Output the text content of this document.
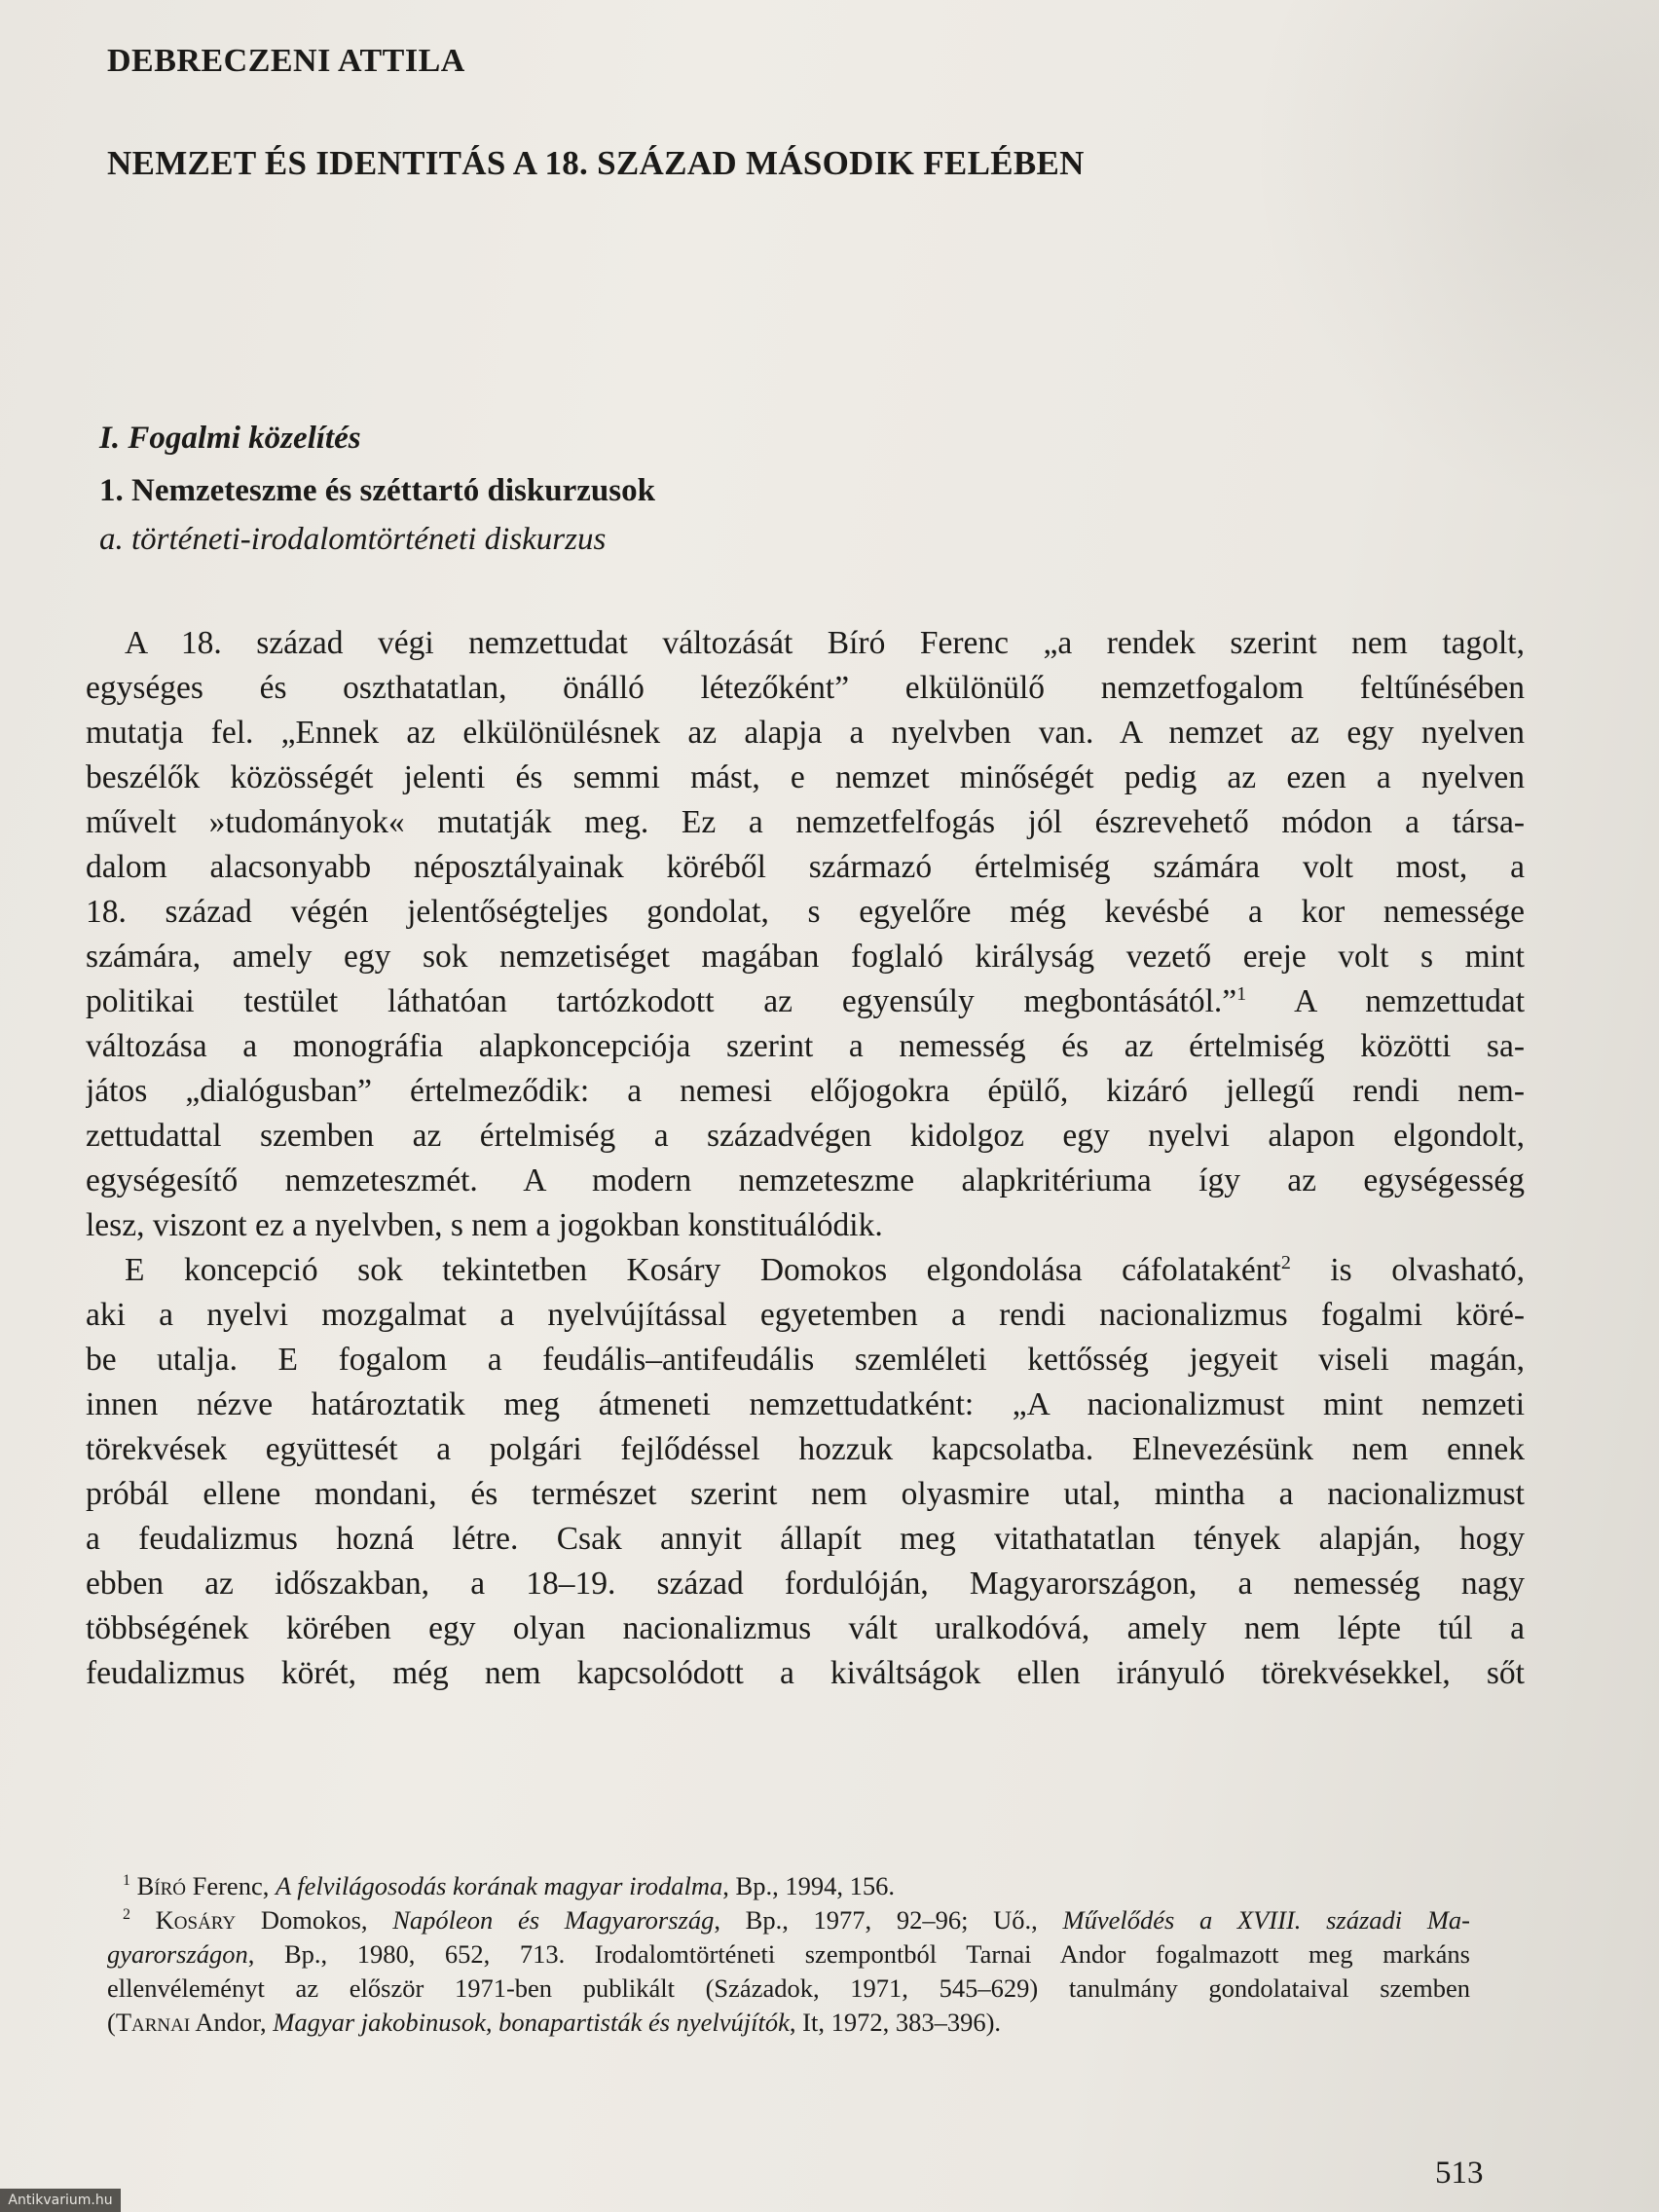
DEBRECZENI ATTILA
NEMZET ÉS IDENTITÁS A 18. SZÁZAD MÁSODIK FELÉBEN
I. Fogalmi közelítés
1. Nemzeteszme és széttartó diskurzusok
a. történeti-irodalomtörténeti diskurzus
A 18. század végi nemzettudat változását Bíró Ferenc „a rendek szerint nem tagolt,
egységes és oszthatatlan, önálló létezőként” elkülönülő nemzetfogalom feltűnésében
mutatja fel. „Ennek az elkülönülésnek az alapja a nyelvben van. A nemzet az egy nyelven
beszélők közösségét jelenti és semmi mást, e nemzet minőségét pedig az ezen a nyelven
művelt »tudományok« mutatják meg. Ez a nemzetfelfogás jól észrevehető módon a társa-
dalom alacsonyabb néposztályainak köréből származó értelmiség számára volt most, a
18. század végén jelentőségteljes gondolat, s egyelőre még kevésbé a kor nemessége
számára, amely egy sok nemzetiséget magában foglaló királyság vezető ereje volt s mint
politikai testület láthatóan tartózkodott az egyensúly megbontásától.”$^1$ A nemzettudat
változása a monográfia alapkoncepciója szerint a nemesség és az értelmiség közötti sa-
játos „dialógusban” értelmeződik: a nemesi előjogokra épülő, kizáró jellegű rendi nem-
zettudattal szemben az értelmiség a századvégen kidolgoz egy nyelvi alapon elgondolt,
egységesítő nemzeteszmét. A modern nemzeteszme alapkritériuma így az egységesség
lesz, viszont ez a nyelvben, s nem a jogokban konstituálódik.
E koncepció sok tekintetben Kosáry Domokos elgondolása cáfolataként$^2$ is olvasható,
aki a nyelvi mozgalmat a nyelvújítással egyetemben a rendi nacionalizmus fogalmi köré-
be utalja. E fogalom a feudális–antifeudális szemléleti kettősség jegyeit viseli magán,
innen nézve határoztatik meg átmeneti nemzettudatként: „A nacionalizmust mint nemzeti
törekvések együttesét a polgári fejlődéssel hozzuk kapcsolatba. Elnevezésünk nem ennek
próbál ellene mondani, és természet szerint nem olyasmire utal, mintha a nacionalizmust
a feudalizmus hozná létre. Csak annyit állapít meg vitathatatlan tények alapján, hogy
ebben az időszakban, a 18–19. század fordulóján, Magyarországon, a nemesség nagy
többségének körében egy olyan nacionalizmus vált uralkodóvá, amely nem lépte túl a
feudalizmus körét, még nem kapcsolódott a kiváltságok ellen irányuló törekvésekkel, sőt
$^1$ Bíró Ferenc, A felvilágosodás korának magyar irodalma, Bp., 1994, 156.
$^2$ Kosáry Domokos, Napóleon és Magyarország, Bp., 1977, 92–96; Uő., Művelődés a XVIII. századi Ma-
gyarországon, Bp., 1980, 652, 713. Irodalomtörténeti szempontból Tarnai Andor fogalmazott meg markáns
ellenvéleményt az először 1971-ben publikált (Századok, 1971, 545–629) tanulmány gondolataival szemben
(Tarnai Andor, Magyar jakobinusok, bonapartisták és nyelvújítók, It, 1972, 383–396).
513
Antikvarium.hu
